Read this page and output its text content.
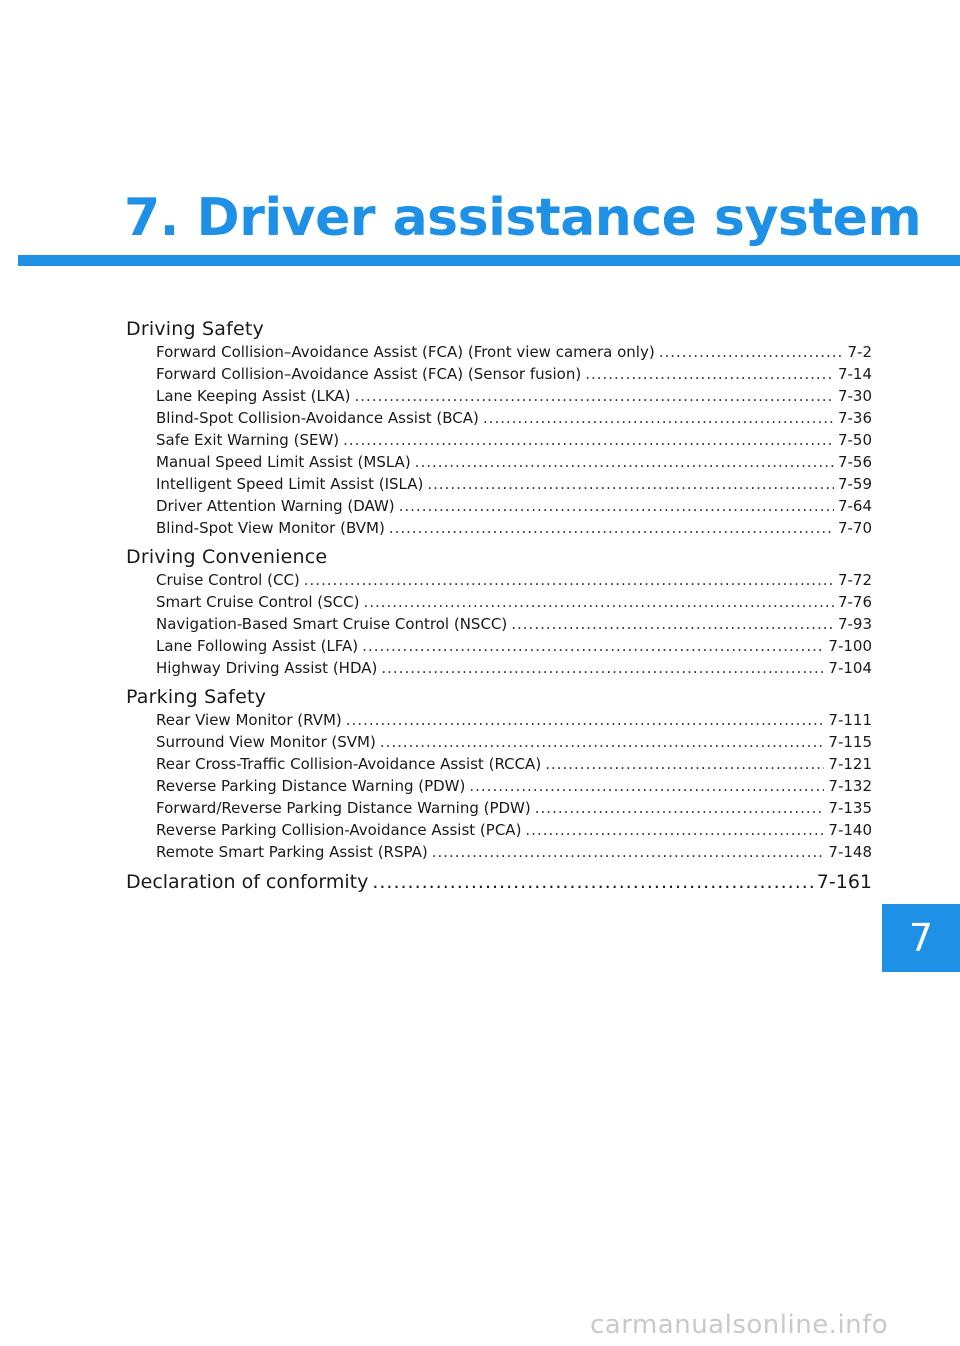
7. Driver assistance system
Driving Safety
Forward Collision–Avoidance Assist (FCA) (Front view camera only) .....	7-2
Forward Collision–Avoidance Assist (FCA) (Sensor fusion) .....	7-14
Lane Keeping Assist (LKA) .....	7-30
Blind-Spot Collision-Avoidance Assist (BCA) .....	7-36
Safe Exit Warning (SEW) .....	7-50
Manual Speed Limit Assist (MSLA) .....	7-56
Intelligent Speed Limit Assist (ISLA) .....	7-59
Driver Attention Warning (DAW) .....	7-64
Blind-Spot View Monitor (BVM) .....	7-70
Driving Convenience
Cruise Control (CC) .....	7-72
Smart Cruise Control (SCC) .....	7-76
Navigation-Based Smart Cruise Control (NSCC) .....	7-93
Lane Following Assist (LFA) .....	7-100
Highway Driving Assist (HDA) .....	7-104
Parking Safety
Rear View Monitor (RVM) .....	7-111
Surround View Monitor (SVM) .....	7-115
Rear Cross-Traffic Collision-Avoidance Assist (RCCA) .....	7-121
Reverse Parking Distance Warning (PDW) .....	7-132
Forward/Reverse Parking Distance Warning (PDW) .....	7-135
Reverse Parking Collision-Avoidance Assist (PCA) .....	7-140
Remote Smart Parking Assist (RSPA) .....	7-148
Declaration of conformity .....	7-161
7
carmanualsonline.info
